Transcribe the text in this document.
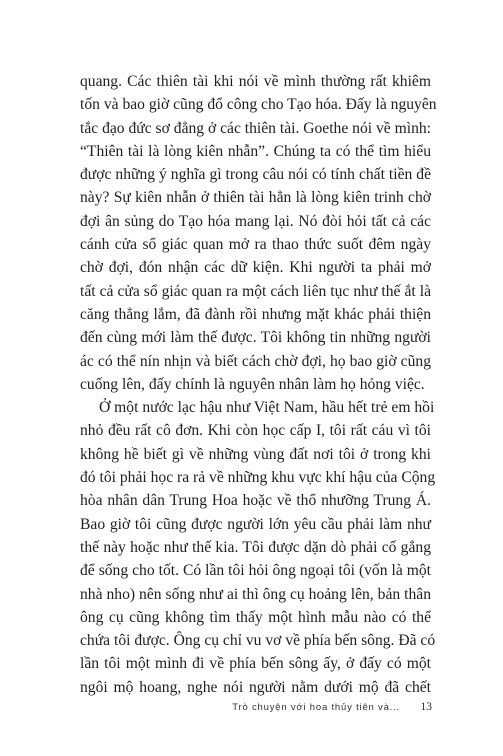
quang. Các thiên tài khi nói về mình thường rất khiêm
tốn và bao giờ cũng đổ công cho Tạo hóa. Đấy là nguyên
tắc đạo đức sơ đẳng ở các thiên tài. Goethe nói về mình:
“Thiên tài là lòng kiên nhẫn”. Chúng ta có thể tìm hiểu
được những ý nghĩa gì trong câu nói có tính chất tiền đề
này? Sự kiên nhẫn ở thiên tài hẳn là lòng kiên trinh chờ
đợi ân sủng do Tạo hóa mang lại. Nó đòi hỏi tất cả các
cánh cửa sổ giác quan mở ra thao thức suốt đêm ngày
chờ đợi, đón nhận các dữ kiện. Khi người ta phải mở
tất cả cửa sổ giác quan ra một cách liên tục như thế ắt là
căng thẳng lắm, đã đành rồi nhưng mặt khác phải thiện
đến cùng mới làm thế được. Tôi không tin những người
ác có thể nín nhịn và biết cách chờ đợi, họ bao giờ cũng
cuống lên, đấy chính là nguyên nhân làm họ hỏng việc.
Ở một nước lạc hậu như Việt Nam, hầu hết trẻ em hồi
nhỏ đều rất cô đơn. Khi còn học cấp I, tôi rất cáu vì tôi
không hề biết gì về những vùng đất nơi tôi ở trong khi
đó tôi phải học ra rả về những khu vực khí hậu của Cộng
hòa nhân dân Trung Hoa hoặc về thổ nhưỡng Trung Á.
Bao giờ tôi cũng được người lớn yêu cầu phải làm như
thế này hoặc như thế kia. Tôi được dặn dò phải cố gắng
để sống cho tốt. Có lần tôi hỏi ông ngoại tôi (vốn là một
nhà nho) nên sống như ai thì ông cụ hoảng lên, bản thân
ông cụ cũng không tìm thấy một hình mẫu nào có thể
chứa tôi được. Ông cụ chỉ vu vơ về phía bến sông. Đã có
lần tôi một mình đi về phía bến sông ấy, ở đấy có một
ngôi mộ hoang, nghe nói người nằm dưới mộ đã chết
Trò chuyện với hoa thủy tiên và... 13
